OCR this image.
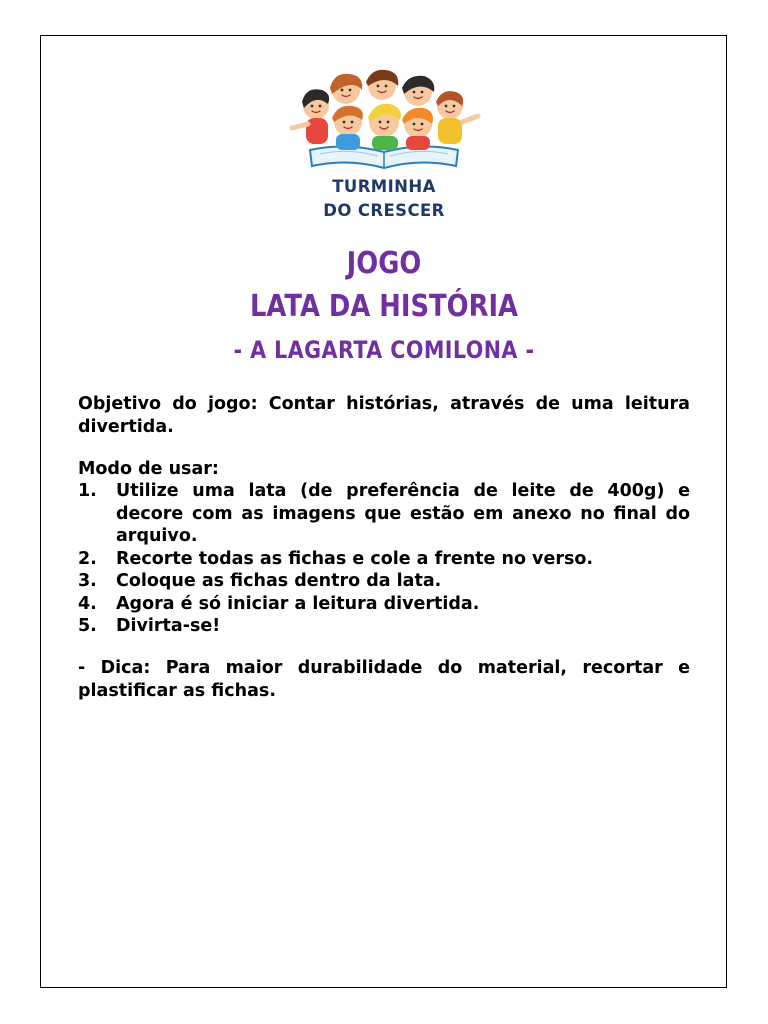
TURMINHA
DO CRESCER
JOGO
LATA DA HISTÓRIA
- A LAGARTA COMILONA -
Objetivo do jogo: Contar histórias, através de uma leitura divertida.
Modo de usar:
1.	Utilize uma lata (de preferência de leite de 400g) e decore com as imagens que estão em anexo no final do arquivo.
2.	Recorte todas as fichas e cole a frente no verso.
3.	Coloque as fichas dentro da lata.
4.	Agora é só iniciar a leitura divertida.
5.	Divirta-se!
- Dica: Para maior durabilidade do material, recortar e plastificar as fichas.
